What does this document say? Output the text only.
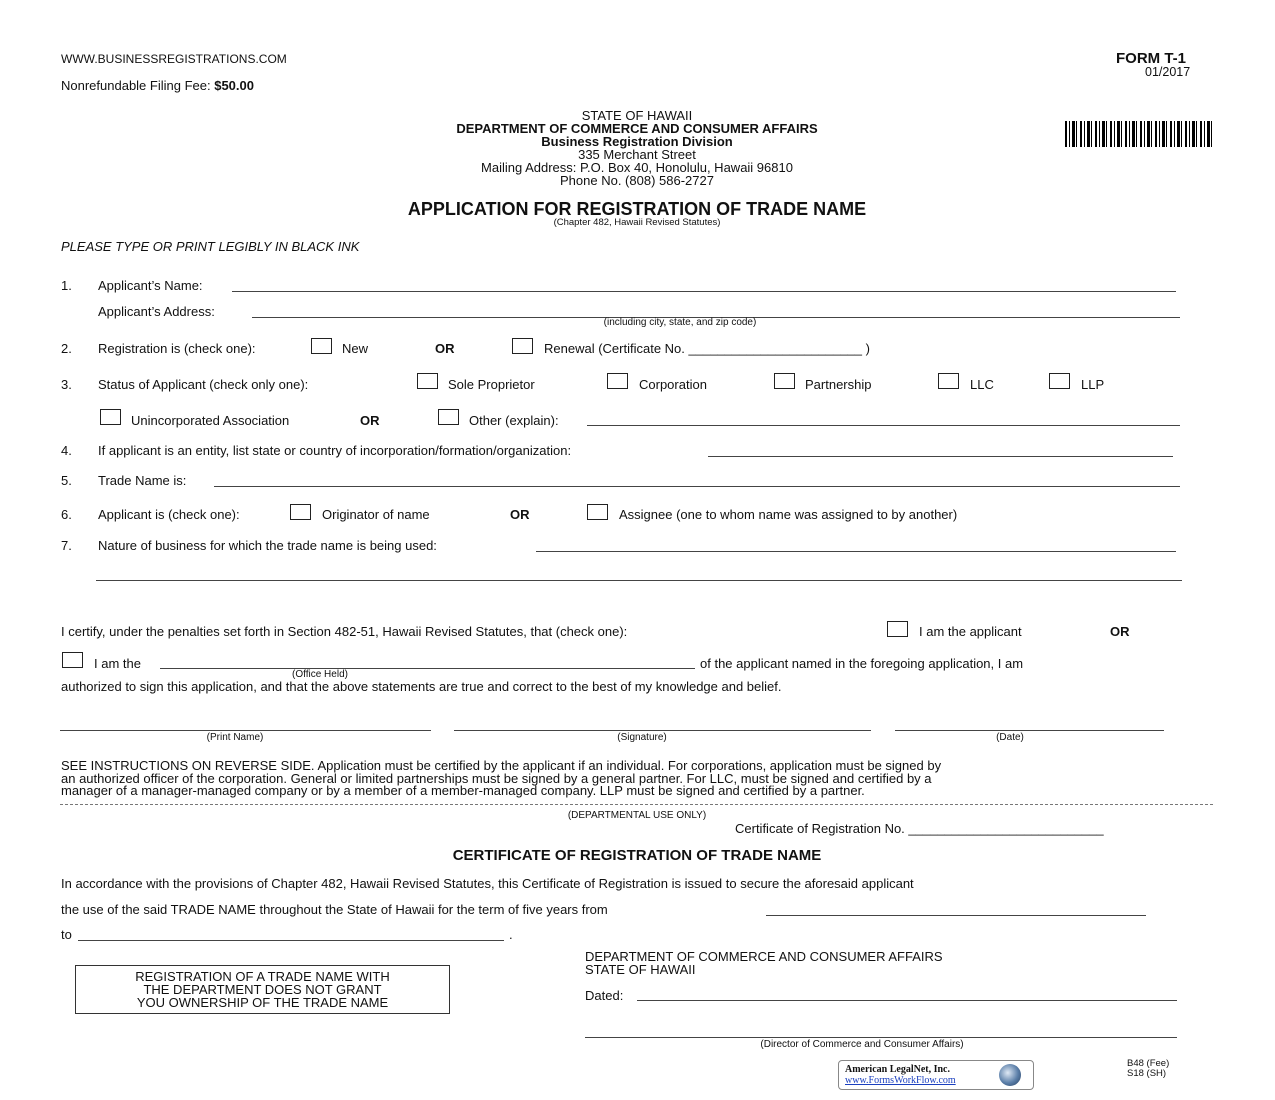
WWW.BUSINESSREGISTRATIONS.COM
Nonrefundable Filing Fee: $50.00
FORM T-1
01/2017
STATE OF HAWAII
DEPARTMENT OF COMMERCE AND CONSUMER AFFAIRS
Business Registration Division
335 Merchant Street
Mailing Address: P.O. Box 40, Honolulu, Hawaii 96810
Phone No. (808) 586-2727
APPLICATION FOR REGISTRATION OF TRADE NAME
(Chapter 482, Hawaii Revised Statutes)
PLEASE TYPE OR PRINT LEGIBLY IN BLACK INK
1. Applicant’s Name:
Applicant’s Address:
(including city, state, and zip code)
2. Registration is (check one):	New	OR	Renewal (Certificate No. ________________________ )
3. Status of Applicant (check only one):	Sole Proprietor	Corporation	Partnership	LLC	LLP
Unincorporated Association	OR	Other (explain):
4. If applicant is an entity, list state or country of incorporation/formation/organization:
5. Trade Name is:
6. Applicant is (check one):	Originator of name	OR	Assignee (one to whom name was assigned to by another)
7. Nature of business for which the trade name is being used:
I certify, under the penalties set forth in Section 482-51, Hawaii Revised Statutes, that (check one):	I am the applicant	OR
I am the	of the applicant named in the foregoing application, I am
(Office Held)
authorized to sign this application, and that the above statements are true and correct to the best of my knowledge and belief.
(Print Name)	(Signature)	(Date)
SEE INSTRUCTIONS ON REVERSE SIDE. Application must be certified by the applicant if an individual. For corporations, application must be signed by
an authorized officer of the corporation. General or limited partnerships must be signed by a general partner. For LLC, must be signed and certified by a
manager of a manager-managed company or by a member of a member-managed company. LLP must be signed and certified by a partner.
(DEPARTMENTAL USE ONLY)
Certificate of Registration No. ___________________________
CERTIFICATE OF REGISTRATION OF TRADE NAME
In accordance with the provisions of Chapter 482, Hawaii Revised Statutes, this Certificate of Registration is issued to secure the aforesaid applicant
the use of the said TRADE NAME throughout the State of Hawaii for the term of five years from
to	.
DEPARTMENT OF COMMERCE AND CONSUMER AFFAIRS
STATE OF HAWAII
Dated:
(Director of Commerce and Consumer Affairs)
REGISTRATION OF A TRADE NAME WITH
THE DEPARTMENT DOES NOT GRANT
YOU OWNERSHIP OF THE TRADE NAME
American LegalNet, Inc.
www.FormsWorkFlow.com
B48 (Fee)
S18 (SH)
